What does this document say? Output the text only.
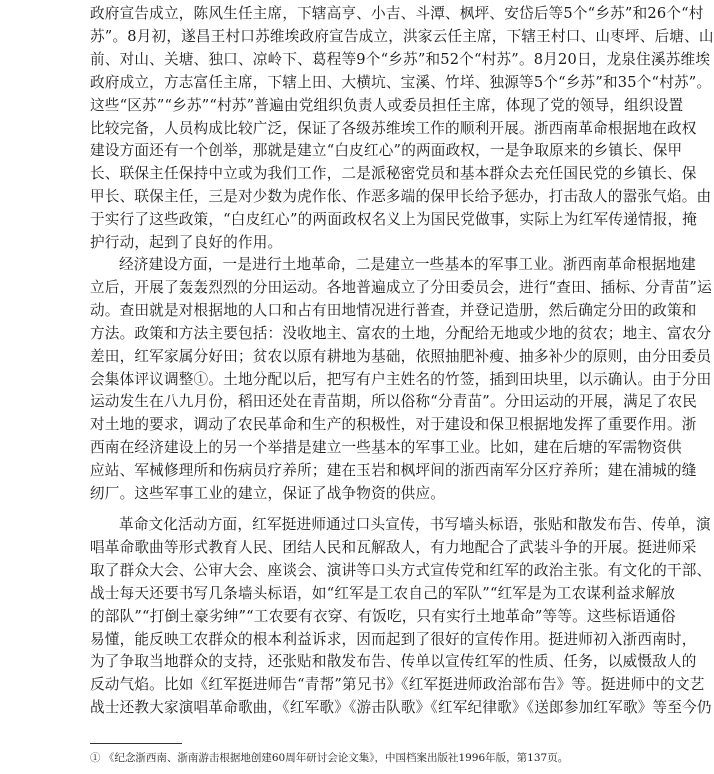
政府宣告成立，陈风生任主席，下辖高亨、小吉、斗潭、枫坪、安岱后等5个“乡苏”和26个“村
苏”。8月初，遂昌王村口苏维埃政府宣告成立，洪家云任主席，下辖王村口、山枣坪、后塘、山
前、对山、关塘、独口、凉岭下、葛程等9个“乡苏”和52个“村苏”。8月20日，龙泉住溪苏维埃
政府成立，方志富任主席，下辖上田、大横坑、宝溪、竹垟、独源等5个“乡苏”和35个“村苏”。
这些“区苏”“乡苏”“村苏”普遍由党组织负责人或委员担任主席，体现了党的领导，组织设置
比较完备，人员构成比较广泛，保证了各级苏维埃工作的顺利开展。浙西南革命根据地在政权
建设方面还有一个创举，那就是建立“白皮红心”的两面政权，一是争取原来的乡镇长、保甲
长、联保主任保持中立或为我们工作，二是派秘密党员和基本群众去充任国民党的乡镇长、保
甲长、联保主任，三是对少数为虎作伥、作恶多端的保甲长给予惩办，打击敌人的嚣张气焰。由
于实行了这些政策，“白皮红心”的两面政权名义上为国民党做事，实际上为红军传递情报，掩
护行动，起到了良好的作用。
经济建设方面，一是进行土地革命，二是建立一些基本的军事工业。浙西南革命根据地建
立后，开展了轰轰烈烈的分田运动。各地普遍成立了分田委员会，进行“查田、插标、分青苗”运
动。查田就是对根据地的人口和占有田地情况进行普查，并登记造册，然后确定分田的政策和
方法。政策和方法主要包括：没收地主、富农的土地，分配给无地或少地的贫农；地主、富农分
差田，红军家属分好田；贫农以原有耕地为基础，依照抽肥补瘦、抽多补少的原则，由分田委员
会集体评议调整①。土地分配以后，把写有户主姓名的竹签，插到田块里，以示确认。由于分田
运动发生在八九月份，稻田还处在青苗期，所以俗称“分青苗”。分田运动的开展，满足了农民
对土地的要求，调动了农民革命和生产的积极性，对于建设和保卫根据地发挥了重要作用。浙
西南在经济建设上的另一个举措是建立一些基本的军事工业。比如，建在后塘的军需物资供
应站、军械修理所和伤病员疗养所；建在玉岩和枫坪间的浙西南军分区疗养所；建在浦城的缝
纫厂。这些军事工业的建立，保证了战争物资的供应。
革命文化活动方面，红军挺进师通过口头宣传，书写墙头标语，张贴和散发布告、传单，演
唱革命歌曲等形式教育人民、团结人民和瓦解敌人，有力地配合了武装斗争的开展。挺进师采
取了群众大会、公审大会、座谈会、演讲等口头方式宣传党和红军的政治主张。有文化的干部、
战士每天还要书写几条墙头标语，如“红军是工农自己的军队”“红军是为工农谋利益求解放
的部队”“打倒土豪劣绅”“工农要有衣穿、有饭吃，只有实行土地革命”等等。这些标语通俗
易懂，能反映工农群众的根本利益诉求，因而起到了很好的宣传作用。挺进师初入浙西南时，
为了争取当地群众的支持，还张贴和散发布告、传单以宣传红军的性质、任务，以威慑敌人的
反动气焰。比如《红军挺进师告“青帮”第兄书》《红军挺进师政治部布告》等。挺进师中的文艺
战士还教大家演唱革命歌曲，《红军歌》《游击队歌》《红军纪律歌》《送郎参加红军歌》等至今仍
① 《纪念浙西南、浙南游击根据地创建60周年研讨会论文集》，中国档案出版社1996年版，第137页。
